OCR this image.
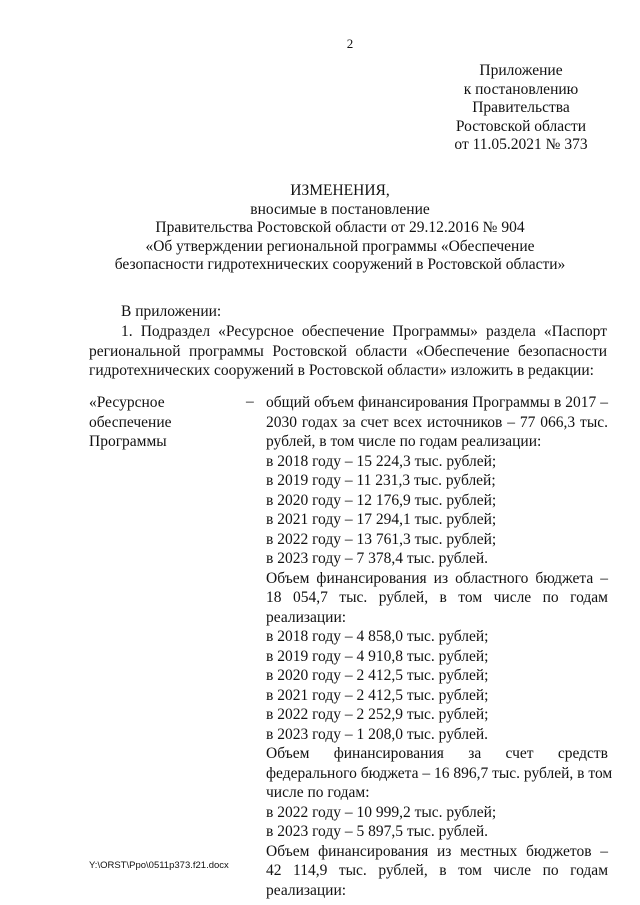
2
Приложение
к постановлению
Правительства
Ростовской области
от 11.05.2021 № 373
ИЗМЕНЕНИЯ,
вносимые в постановление
Правительства Ростовской области от 29.12.2016 № 904
«Об утверждении региональной программы «Обеспечение
безопасности гидротехнических сооружений в Ростовской области»
В приложении:
1. Подраздел «Ресурсное обеспечение Программы» раздела «Паспорт
региональной программы Ростовской области «Обеспечение безопасности
гидротехнических сооружений в Ростовской области» изложить в редакции:
«Ресурсное
обеспечение
Программы
– общий объем финансирования Программы в 2017 –
2030 годах за счет всех источников – 77 066,3 тыс.
рублей, в том числе по годам реализации:
в 2018 году – 15 224,3 тыс. рублей;
в 2019 году – 11 231,3 тыс. рублей;
в 2020 году – 12 176,9 тыс. рублей;
в 2021 году – 17 294,1 тыс. рублей;
в 2022 году – 13 761,3 тыс. рублей;
в 2023 году – 7 378,4 тыс. рублей.
Объем финансирования из областного бюджета –
18 054,7 тыс. рублей, в том числе по годам
реализации:
в 2018 году – 4 858,0 тыс. рублей;
в 2019 году – 4 910,8 тыс. рублей;
в 2020 году – 2 412,5 тыс. рублей;
в 2021 году – 2 412,5 тыс. рублей;
в 2022 году – 2 252,9 тыс. рублей;
в 2023 году – 1 208,0 тыс. рублей.
Объем финансирования за счет средств
федерального бюджета – 16 896,7 тыс. рублей, в том
числе по годам:
в 2022 году – 10 999,2 тыс. рублей;
в 2023 году – 5 897,5 тыс. рублей.
Объем финансирования из местных бюджетов –
42 114,9 тыс. рублей, в том числе по годам
реализации:
Y:\ORST\Ppo\0511p373.f21.docx
